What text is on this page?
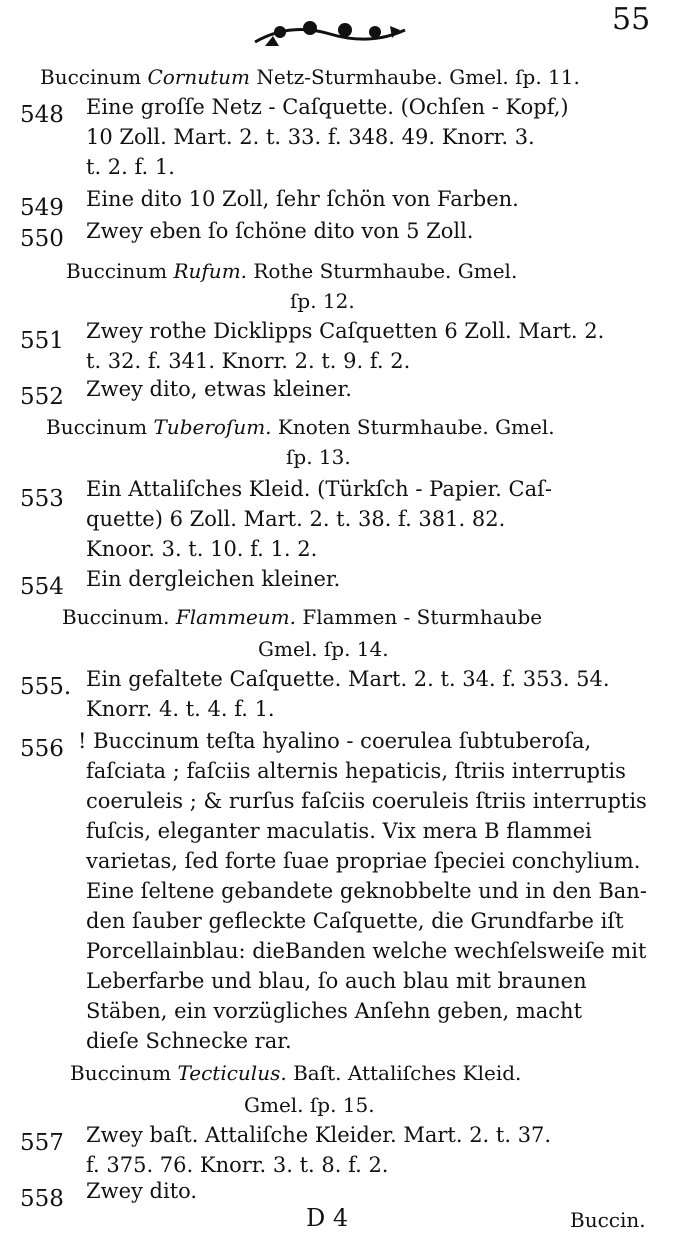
55
Buccinum Cornutum Netz-Sturmhaube. Gmel. ſp. 11.
548 Eine groſſe Netz - Caſquette. (Ochſen - Kopf,)
10 Zoll. Mart. 2. t. 33. f. 348. 49. Knorr. 3.
t. 2. f. 1.
549 Eine dito 10 Zoll, ſehr ſchön von Farben.
550 Zwey eben ſo ſchöne dito von 5 Zoll.
Buccinum Rufum. Rothe Sturmhaube. Gmel.
ſp. 12.
551 Zwey rothe Dicklipps Caſquetten 6 Zoll. Mart. 2.
t. 32. f. 341. Knorr. 2. t. 9. f. 2.
552 Zwey dito, etwas kleiner.
Buccinum Tuberoſum. Knoten Sturmhaube. Gmel.
ſp. 13.
553 Ein Attaliſches Kleid. (Türkſch - Papier. Caſ-
quette) 6 Zoll. Mart. 2. t. 38. f. 381. 82.
Knoor. 3. t. 10. f. 1. 2.
554 Ein dergleichen kleiner.
Buccinum. Flammeum. Flammen - Sturmhaube
Gmel. ſp. 14.
555. Ein gefaltete Caſquette. Mart. 2. t. 34. f. 353. 54.
Knorr. 4. t. 4. f. 1.
556 ! Buccinum teſta hyalino - coerulea ſubtuberoſa,
faſciata ; faſciis alternis hepaticis, ſtriis interruptis
coeruleis ; & rurſus faſciis coeruleis ſtriis interruptis
fuſcis, eleganter maculatis. Vix mera B flammei
varietas, ſed forte ſuae propriae ſpeciei conchylium.
Eine ſeltene gebandete geknobbelte und in den Ban-
den ſauber gefleckte Caſquette, die Grundfarbe iſt
Porcellainblau: dieBanden welche wechſelsweiſe mit
Leberfarbe und blau, ſo auch blau mit braunen
Stäben, ein vorzügliches Anſehn geben, macht
dieſe Schnecke rar.
Buccinum Tecticulus. Baſt. Attaliſches Kleid.
Gmel. ſp. 15.
557 Zwey baſt. Attaliſche Kleider. Mart. 2. t. 37.
f. 375. 76. Knorr. 3. t. 8. f. 2.
558 Zwey dito.
D 4	Buccin.
